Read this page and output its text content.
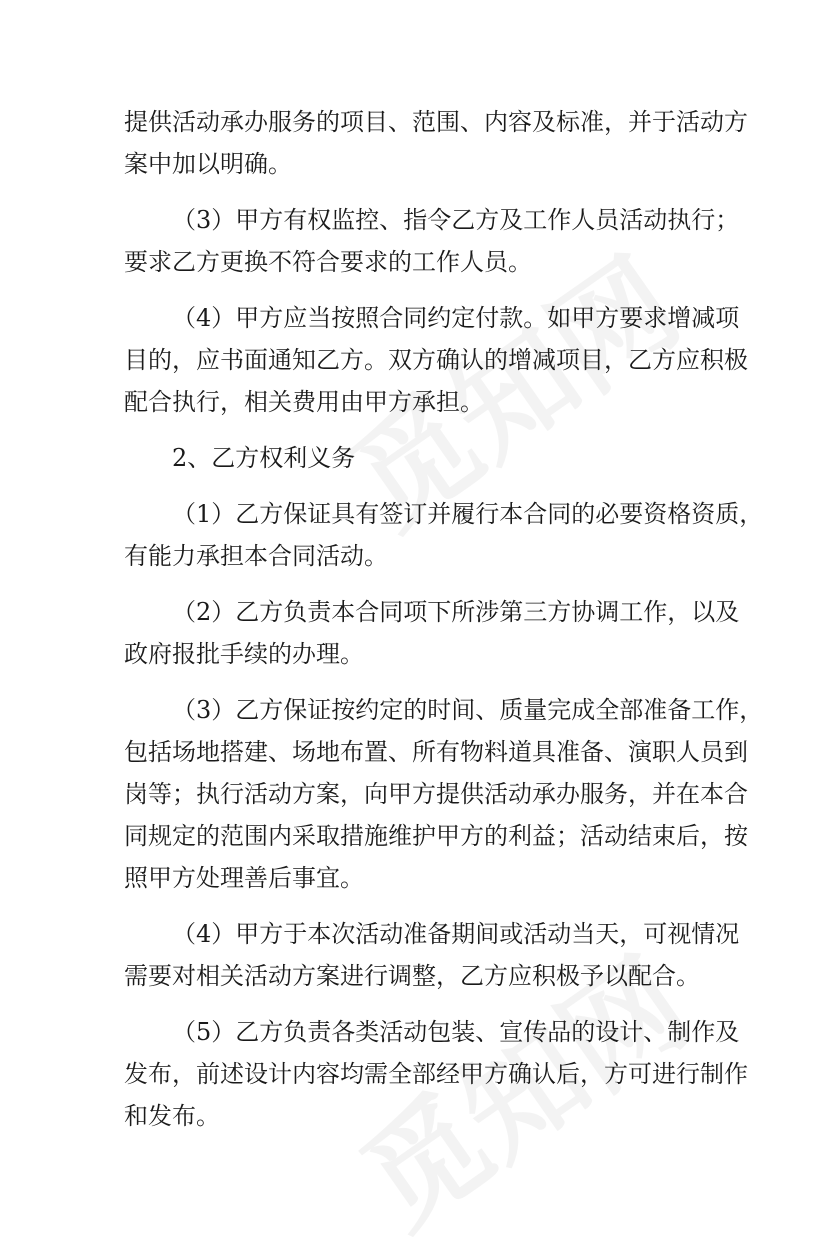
提供活动承办服务的项目、范围、内容及标准，并于活动方
案中加以明确。
（3）甲方有权监控、指令乙方及工作人员活动执行；
要求乙方更换不符合要求的工作人员。
（4）甲方应当按照合同约定付款。如甲方要求增减项
目的，应书面通知乙方。双方确认的增减项目，乙方应积极
配合执行，相关费用由甲方承担。
2、乙方权利义务
（1）乙方保证具有签订并履行本合同的必要资格资质，
有能力承担本合同活动。
（2）乙方负责本合同项下所涉第三方协调工作，以及
政府报批手续的办理。
（3）乙方保证按约定的时间、质量完成全部准备工作，
包括场地搭建、场地布置、所有物料道具准备、演职人员到
岗等；执行活动方案，向甲方提供活动承办服务，并在本合
同规定的范围内采取措施维护甲方的利益；活动结束后，按
照甲方处理善后事宜。
（4）甲方于本次活动准备期间或活动当天，可视情况
需要对相关活动方案进行调整，乙方应积极予以配合。
（5）乙方负责各类活动包装、宣传品的设计、制作及
发布，前述设计内容均需全部经甲方确认后，方可进行制作
和发布。
